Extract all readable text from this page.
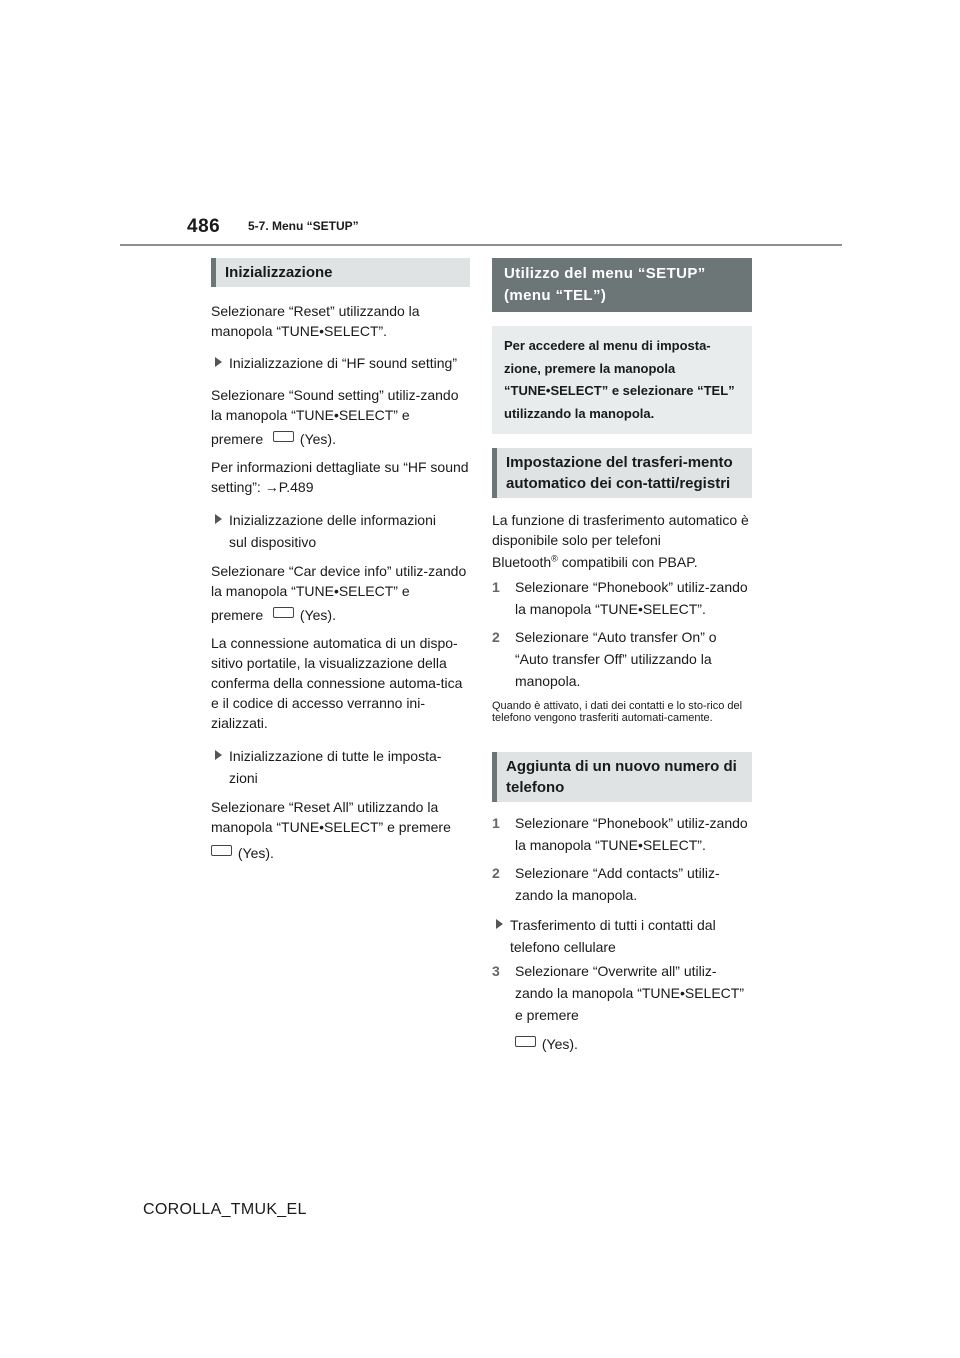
486 5-7. Menu “SETUP”
Inizializzazione

Selezionare “Reset” utilizzando la manopola “TUNE•SELECT”.

Inizializzazione di “HF sound setting”

Selezionare “Sound setting” utiliz-zando la manopola “TUNE•SELECT” e

premere	(Yes).

Per informazioni dettagliate su “HF sound setting”: →P.489

Inizializzazione delle informazioni
sul dispositivo

Selezionare “Car device info” utiliz-zando la manopola “TUNE•SELECT” e

premere	(Yes).

La connessione automatica di un dispo-sitivo portatile, la visualizzazione della conferma della connessione automa-tica e il codice di accesso verranno ini-zializzati.

Inizializzazione di tutte le imposta-
zioni

Selezionare “Reset All” utilizzando la manopola “TUNE•SELECT” e premere

(Yes).

Utilizzo del menu “SETUP” (menu “TEL”)
Per accedere al menu di imposta-zione, premere la manopola “TUNE•SELECT” e selezionare “TEL” utilizzando la manopola.
Impostazione del trasferi-mento automatico dei con-tatti/registri

La funzione di trasferimento automatico è disponibile solo per telefoni

Bluetooth® compatibili con PBAP.

1 Selezionare “Phonebook” utiliz-zando la manopola “TUNE•SELECT”.
2 Selezionare “Auto transfer On” o “Auto transfer Off” utilizzando la manopola.

Quando è attivato, i dati dei contatti e lo sto-rico del telefono vengono trasferiti automati-camente.

Aggiunta di un nuovo numero di telefono
1 Selezionare “Phonebook” utiliz-zando la manopola “TUNE•SELECT”.
2 Selezionare “Add contacts” utiliz-zando la manopola.
Trasferimento di tutti i contatti dal
telefono cellulare
3 Selezionare “Overwrite all” utiliz-zando la manopola “TUNE•SELECT” e premere

(Yes).

COROLLA_TMUK_EL
